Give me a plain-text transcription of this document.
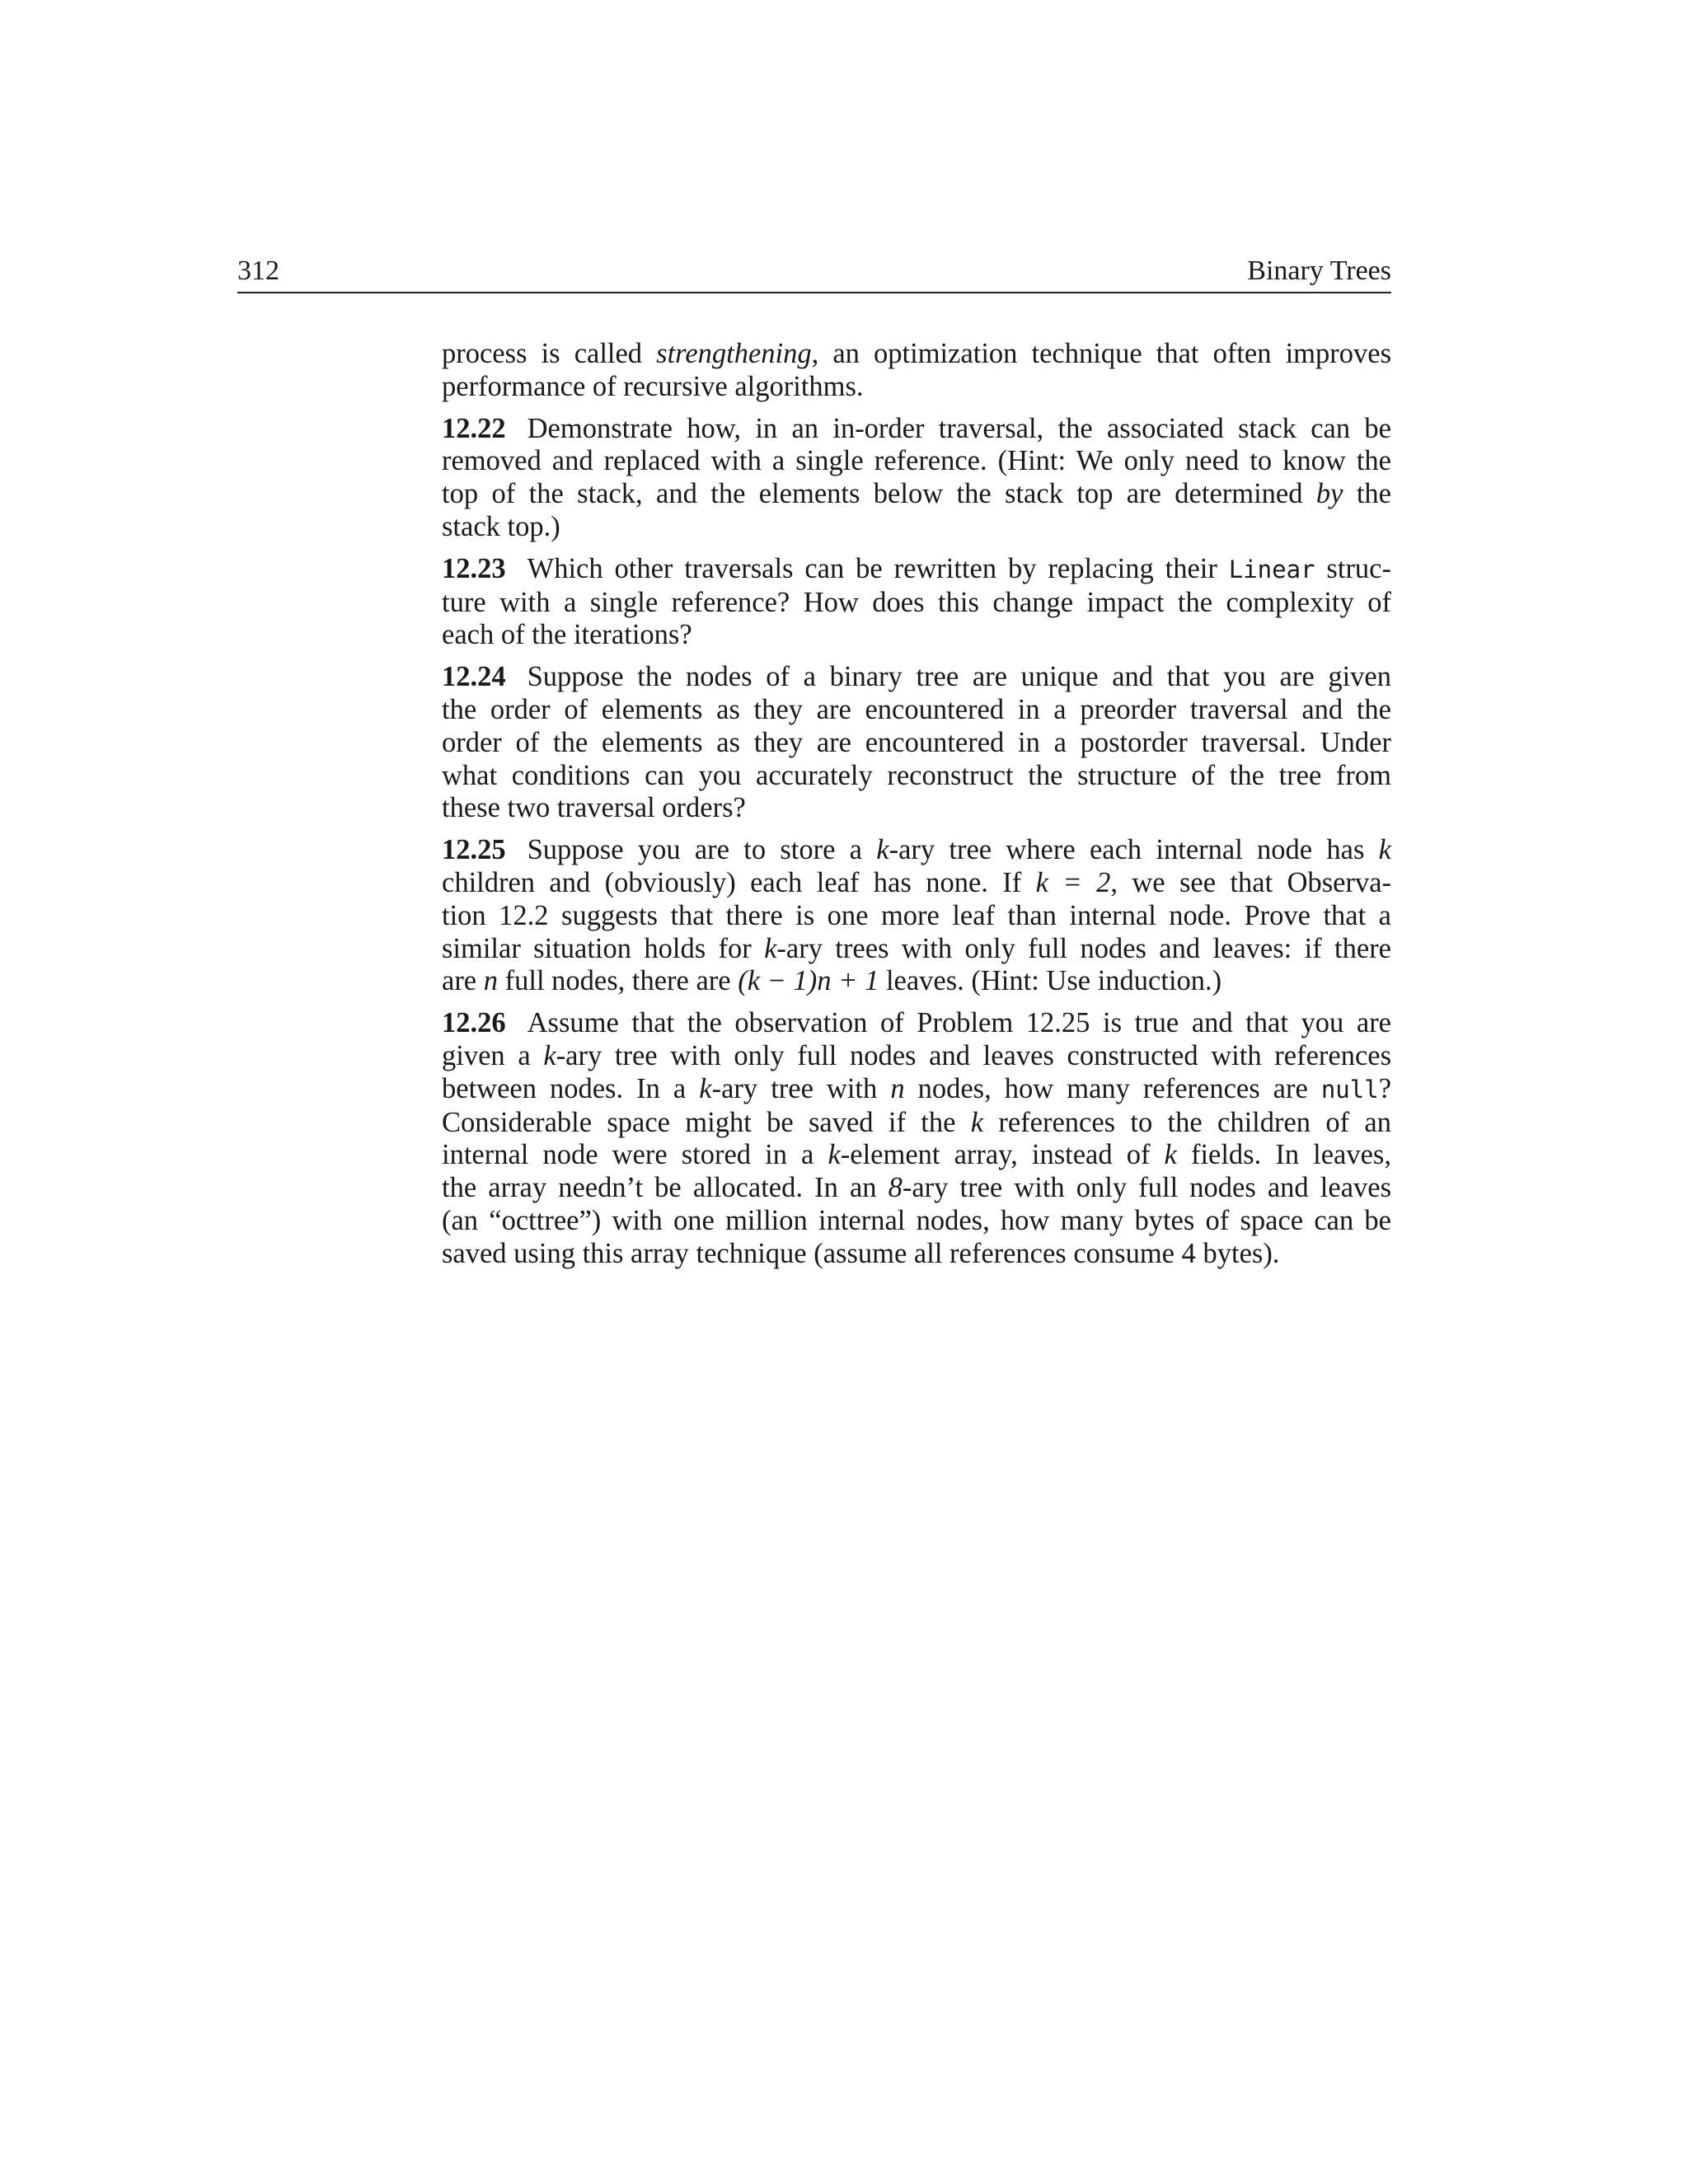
312	Binary Trees
process is called strengthening, an optimization technique that often improves
performance of recursive algorithms.
12.22 Demonstrate how, in an in-order traversal, the associated stack can be
removed and replaced with a single reference. (Hint: We only need to know the
top of the stack, and the elements below the stack top are determined by the
stack top.)
12.23 Which other traversals can be rewritten by replacing their Linear struc-
ture with a single reference? How does this change impact the complexity of
each of the iterations?
12.24 Suppose the nodes of a binary tree are unique and that you are given
the order of elements as they are encountered in a preorder traversal and the
order of the elements as they are encountered in a postorder traversal. Under
what conditions can you accurately reconstruct the structure of the tree from
these two traversal orders?
12.25 Suppose you are to store a k-ary tree where each internal node has k
children and (obviously) each leaf has none. If k = 2, we see that Observa-
tion 12.2 suggests that there is one more leaf than internal node. Prove that a
similar situation holds for k-ary trees with only full nodes and leaves: if there
are n full nodes, there are (k − 1)n + 1 leaves. (Hint: Use induction.)
12.26 Assume that the observation of Problem 12.25 is true and that you are
given a k-ary tree with only full nodes and leaves constructed with references
between nodes. In a k-ary tree with n nodes, how many references are null?
Considerable space might be saved if the k references to the children of an
internal node were stored in a k-element array, instead of k fields. In leaves,
the array needn’t be allocated. In an 8-ary tree with only full nodes and leaves
(an “octtree”) with one million internal nodes, how many bytes of space can be
saved using this array technique (assume all references consume 4 bytes).
